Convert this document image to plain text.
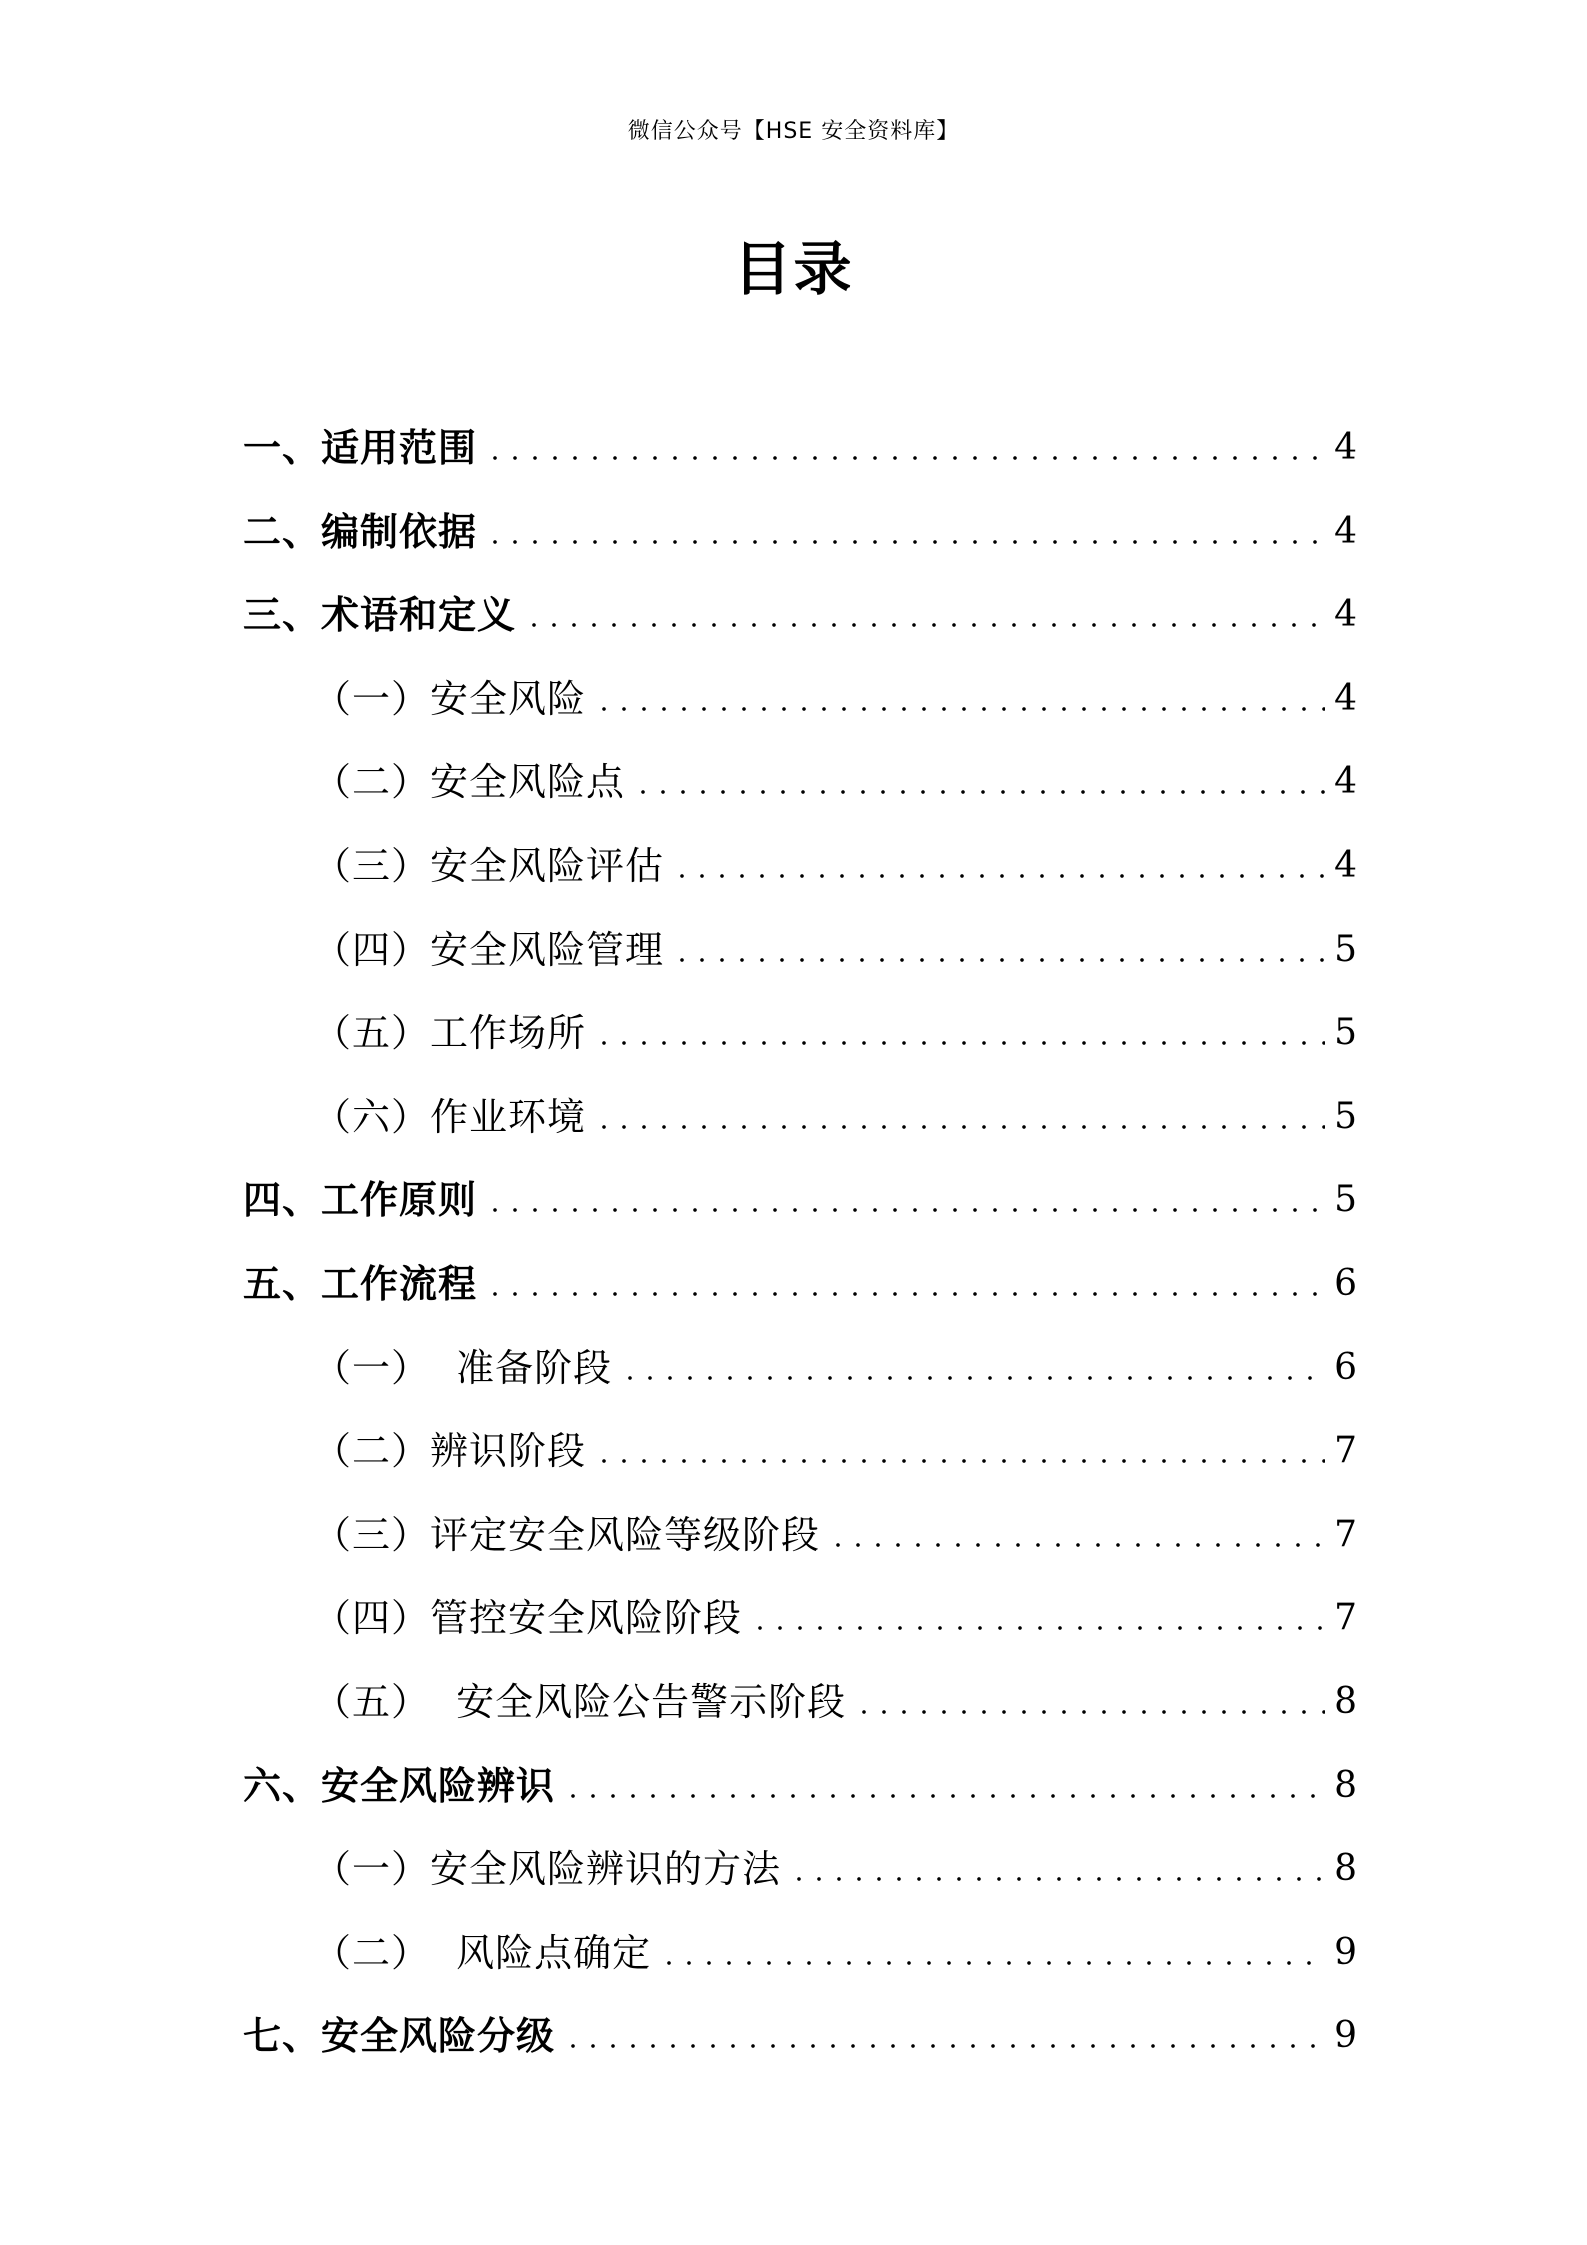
微信公众号【HSE 安全资料库】
目录
一、适用范围	4
二、编制依据	4
三、术语和定义	4
（一）安全风险	4
（二）安全风险点	4
（三）安全风险评估	4
（四）安全风险管理	5
（五）工作场所	5
（六）作业环境	5
四、工作原则	5
五、工作流程	6
（一）  准备阶段	6
（二）辨识阶段	7
（三）评定安全风险等级阶段	7
（四）管控安全风险阶段	7
（五）  安全风险公告警示阶段	8
六、安全风险辨识	8
（一）安全风险辨识的方法	8
（二）  风险点确定	9
七、安全风险分级	9
